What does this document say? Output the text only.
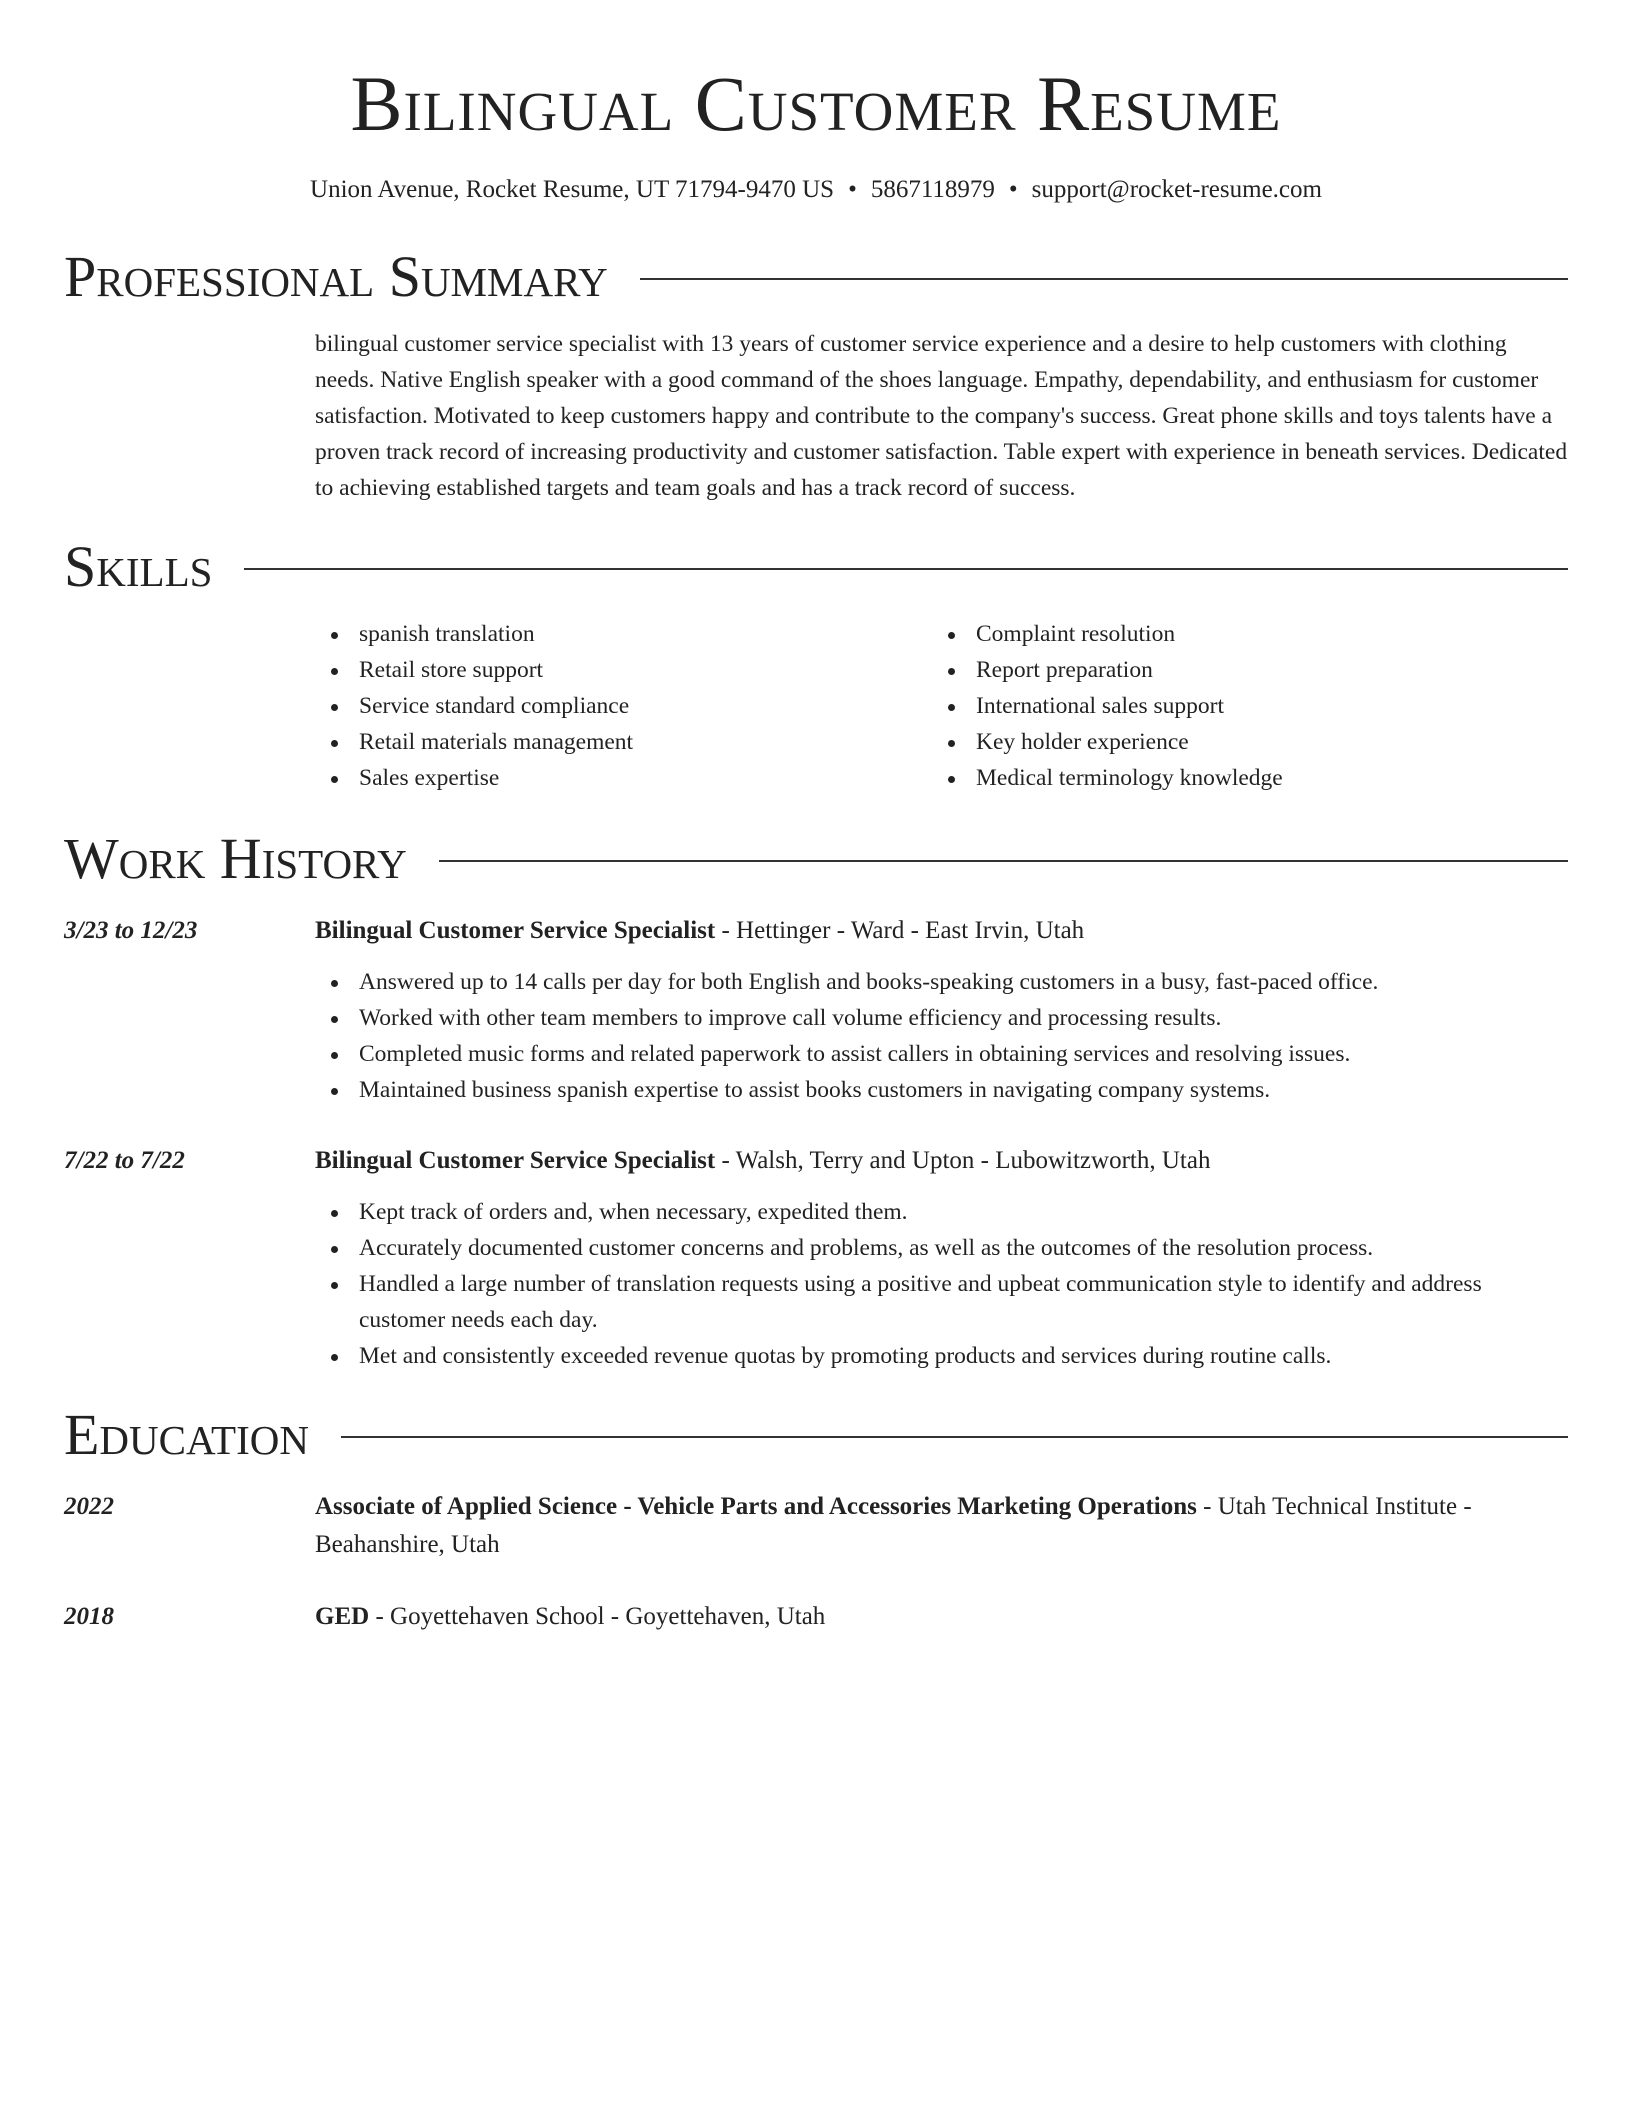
Bilingual Customer Resume
Union Avenue, Rocket Resume, UT 71794-9470 US • 5867118979 • support@rocket-resume.com
Professional Summary

bilingual customer service specialist with 13 years of customer service experience and a desire to help customers with clothing needs. Native English speaker with a good command of the shoes language. Empathy, dependability, and enthusiasm for customer satisfaction. Motivated to keep customers happy and contribute to the company's success. Great phone skills and toys talents have a proven track record of increasing productivity and customer satisfaction. Table expert with experience in beneath services. Dedicated to achieving established targets and team goals and has a track record of success.

Skills
spanish translation
Retail store support
Service standard compliance
Retail materials management
Sales expertise
Complaint resolution
Report preparation
International sales support
Key holder experience
Medical terminology knowledge
Work History
3/23 to 12/23	Bilingual Customer Service Specialist - Hettinger - Ward - East Irvin, Utah
Answered up to 14 calls per day for both English and books-speaking customers in a busy, fast-paced office.
Worked with other team members to improve call volume efficiency and processing results.
Completed music forms and related paperwork to assist callers in obtaining services and resolving issues.
Maintained business spanish expertise to assist books customers in navigating company systems.
7/22 to 7/22	Bilingual Customer Service Specialist - Walsh, Terry and Upton - Lubowitzworth, Utah
Kept track of orders and, when necessary, expedited them.
Accurately documented customer concerns and problems, as well as the outcomes of the resolution process.
Handled a large number of translation requests using a positive and upbeat communication style to identify and address customer needs each day.
Met and consistently exceeded revenue quotas by promoting products and services during routine calls.
Education
2022	Associate of Applied Science - Vehicle Parts and Accessories Marketing Operations - Utah Technical Institute - Beahanshire, Utah
2018	GED - Goyettehaven School - Goyettehaven, Utah
